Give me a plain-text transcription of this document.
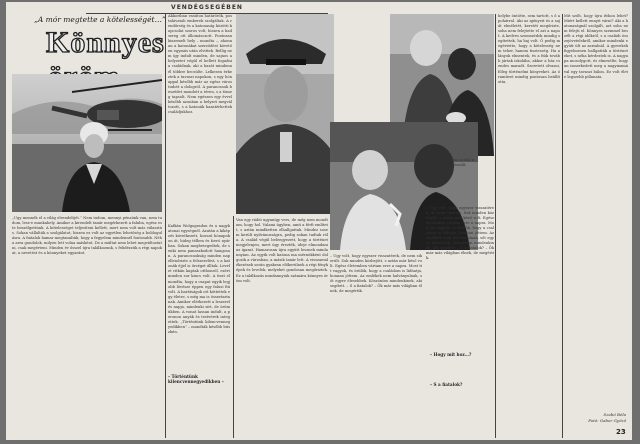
VENDÉGSEGÉBEN
„A mór megtette a kötelességét…”
Könnyes

Akkoriban vasúton határőrök, postahivatali emberek szolgáltak. A rendőrség és a katonaság közötti kapcsolat szoros volt, hiszen a hadsereg ott állomásozott. Pontosan kiszemelt hely – mondta –, ahonnan a katonákat szerződést követően egymás után elvittek. Bellig nem így indult minden, de sajnos a helyzetet végül el kellett fogadni a családnak, aki a hazát mindennél többre becsülte. Lelkesen érkeztek a tavaszi napokon, s egy hónappal később már az egész város tudott a dologról. A parancsnok beszédet mondott a téren, s a tömeg tapsolt. Nem egészen egy évvel később azonban a helyzet megváltozott, s a katonák hazatérhettek családjukhoz.
„Úgy mennék el a világ elrendeltjét.” Nem tudom, mennyi pénzünk van, nem tudom, lesz-e munkahely. Amikor a kirendelt tanár megérkezett a faluba, egész este beszélgettünk. A kötelességet teljesíteni kellett, mert nem volt más választás. Sokan vállalták a szolgálatot, hiszen ez volt az egyetlen lehetőség a boldogulásra. A fiatalok hamar megtanulták, hogy a fegyelem mindennél fontosabb. Néha arra gondolok, milyen lett volna másként. De a múltat nem lehet megváltoztatni, csak megérteni. Minden év ősszel újra találkozunk, s felidézzük a régi napokat, a nevetést és a könnyeket egyaránt.
Kafkán Wolgogradon és a nagykatonai egységnél. Azután a kiképzés következett, hosszú hónapokon át, hideg télben és forró nyárban. Sokan megbetegedtek, de senki nem panaszkodott hangosan. A parancsnokság minden nap ellenőrizte a felszerelést, s a katonák éjjel is őrséget álltak. Levelet ritkán kaptak otthonról, ezért minden sor kincs volt. A tiszt elmondta, hogy a csapat egyik legjobb lövésze éppen egy falusi fiú volt. A barátságok ott köttettek egy életre, s még ma is összetartanak. Amikor elérkezett a leszerelés napja, mindenki sírt, de örömükben. A vonat lassan indult, a peronon anyák és testvérek integettek. „Történtünk kilencvennegyedikben” – mondták később büszkén.
Van egy rádió ugyanígy vers, de még nem mondtam, hogy hol. Valami ügyben, amit a férfi említett, s aztán mindketten elhallgattak. Mindez sosem került nyilvánosságra, pedig sokan tudtak róla. A család végül beleegyezett, hogy a történet megjelenjen, mert úgy érezték, ideje elmondani az igazat. Hamarosan újra együtt lesznek mindannyian. Az egyik volt katona ma mérnökként dolgozik a városban, a másik tanár lett. A visszaemlékezések során gyakran előkerülnek a régi fényképek és levelek, melyeket gondosan megőriztek. Ez a találkozás mindannyiuk számára könnyes öröm volt.
Rendelés közben: a fotó a találkozáskor készült.
– Úgy volt, hogy egyszer visszatérek, de nem sikerült. Sok minden közbejött, s aztán már késő volt. Egész életemben vártam erre a napra. Most itt vagyok, és örülök, hogy a családom is láthatja, honnan jöttem. Az emlékek nem halványulnak, sőt egyre élesebbek. Köszönöm mindenkinek, aki segített. – S a fiatalok? – Ők már más világban élnek, de megértik.
helybe öntötte, sem tartott, s ő a pohárral. Aki az igényeit és a saját elméletét, keretét megőrizte, soha nem felejtette el azt a napot. A kedves szomszédok mindig segítettek, ha baj volt. Ő pedig megértette, hogy a kötelesség nem teher, hanem tisztesség. Ha a lányok elmentek, és a fiúk tovább jártak iskolába, akkor a ház csendes maradt. Szeretett olvasni, főleg történelmi könyveket. Az óraművet mindig pontosan beállította.
Mit szólt, hogy újra itthon lehet? Miért kellett ennyit várni? Aki a katonaságnál szolgált, azt soha nem felejti el. Könnyes szemmel beszélt a régi időkről, s a családi összejövetelekről, amikor mindenki együtt ült az asztalnál. A gyerekek figyelmesen hallgatták a történeteket, s néha kérdeztek is. A nagyapa mosolygott, és elmesélte, hogyan ismerkedett meg a nagymamával egy tavaszi bálon. Ez volt élete legszebb pillanata.
– Úgy volt, hogy egyszer visszatérek, de nem sikerült. Sok minden közbejött, s aztán már késő volt. Egész életemben vártam erre a napra. Most itt vagyok, és örülök, hogy a családom is láthatja, honnan jöttem. Az emlékek nem halványulnak, sőt egyre élesebbek. Köszönöm mindenkinek, aki segített. – S a fiatalok? – Ők már más világban élnek, de megértik.
– Történtünk kilencvennegyedikben –
– Hogy mit hoz…?
– S a fiatalok?
Szabó Béla
Fotó: Gabor Győző
23
